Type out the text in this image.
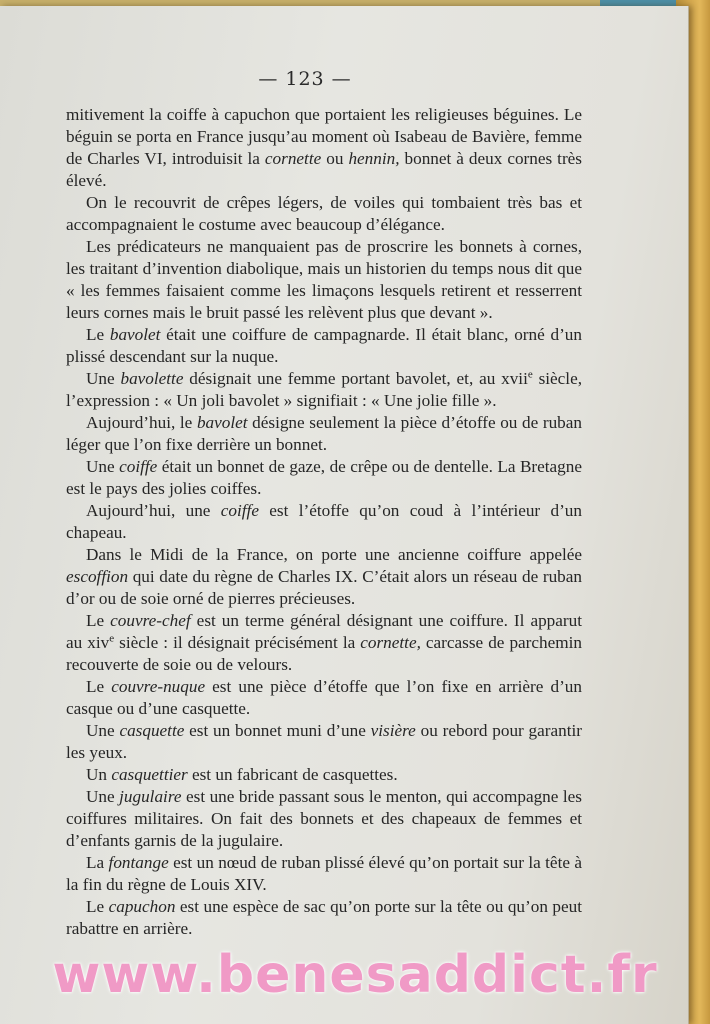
— 123 —

mitivement la coiffe à capuchon que portaient les religieuses béguines. Le béguin se porta en France jusqu’au moment où Isabeau de Bavière, femme de Charles VI, introduisit la cornette ou hennin, bonnet à deux cornes très élevé.

On le recouvrit de crêpes légers, de voiles qui tombaient très bas et accompagnaient le costume avec beaucoup d’élégance.

Les prédicateurs ne manquaient pas de proscrire les bonnets à cornes, les traitant d’invention diabolique, mais un historien du temps nous dit que « les femmes faisaient comme les limaçons lesquels retirent et resserrent leurs cornes mais le bruit passé les relèvent plus que devant ».

Le bavolet était une coiffure de campagnarde. Il était blanc, orné d’un plissé descendant sur la nuque.

Une bavolette désignait une femme portant bavolet, et, au xvii$^e$ siècle, l’expression : « Un joli bavolet » signifiait : « Une jolie fille ».

Aujourd’hui, le bavolet désigne seulement la pièce d’étoffe ou de ruban léger que l’on fixe derrière un bonnet.

Une coiffe était un bonnet de gaze, de crêpe ou de dentelle. La Bretagne est le pays des jolies coiffes.

Aujourd’hui, une coiffe est l’étoffe qu’on coud à l’intérieur d’un chapeau.

Dans le Midi de la France, on porte une ancienne coiffure appelée escoffion qui date du règne de Charles IX. C’était alors un réseau de ruban d’or ou de soie orné de pierres précieuses.

Le couvre-chef est un terme général désignant une coiffure. Il apparut au xiv$^e$ siècle : il désignait précisément la cornette, carcasse de parchemin recouverte de soie ou de velours.

Le couvre-nuque est une pièce d’étoffe que l’on fixe en arrière d’un casque ou d’une casquette.

Une casquette est un bonnet muni d’une visière ou rebord pour garantir les yeux.

Un casquettier est un fabricant de casquettes.

Une jugulaire est une bride passant sous le menton, qui accompagne les coiffures militaires. On fait des bonnets et des chapeaux de femmes et d’enfants garnis de la jugulaire.

La fontange est un nœud de ruban plissé élevé qu’on portait sur la tête à la fin du règne de Louis XIV.

Le capuchon est une espèce de sac qu’on porte sur la tête ou qu’on peut rabattre en arrière.

www.benesaddict.fr
